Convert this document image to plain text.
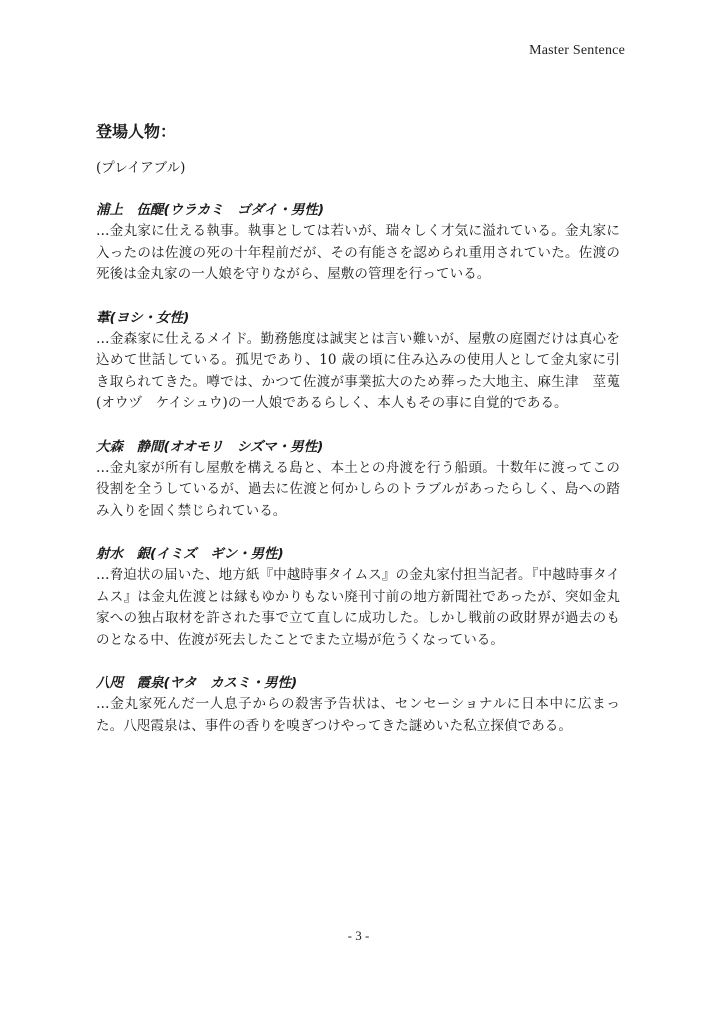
Master Sentence
登場人物：
(プレイアブル)

浦上　伍醍(ウラカミ　ゴダイ・男性)

…金丸家に仕える執事。執事としては若いが、瑞々しく才気に溢れている。金丸家に入ったのは佐渡の死の十年程前だが、その有能さを認められ重用されていた。佐渡の死後は金丸家の一人娘を守りながら、屋敷の管理を行っている。

葦(ヨシ・女性)

…金森家に仕えるメイド。勤務態度は誠実とは言い難いが、屋敷の庭園だけは真心を込めて世話している。孤児であり、10 歳の頃に住み込みの使用人として金丸家に引き取られてきた。噂では、かつて佐渡が事業拡大のため葬った大地主、麻生津　莖蒐(オウヅ　ケイシュウ)の一人娘であるらしく、本人もその事に自覚的である。

大森　静間(オオモリ　シズマ・男性)

…金丸家が所有し屋敷を構える島と、本土との舟渡を行う船頭。十数年に渡ってこの役割を全うしているが、過去に佐渡と何かしらのトラブルがあったらしく、島への踏み入りを固く禁じられている。

射水　銀(イミズ　ギン・男性)

…脅迫状の届いた、地方紙『中越時事タイムス』の金丸家付担当記者。『中越時事タイムス』は金丸佐渡とは縁もゆかりもない廃刊寸前の地方新聞社であったが、突如金丸家への独占取材を許された事で立て直しに成功した。しかし戦前の政財界が過去のものとなる中、佐渡が死去したことでまた立場が危うくなっている。

八咫　霞泉(ヤタ　カスミ・男性)

…金丸家死んだ一人息子からの殺害予告状は、センセーショナルに日本中に広まった。八咫霞泉は、事件の香りを嗅ぎつけやってきた謎めいた私立探偵である。

- 3 -
